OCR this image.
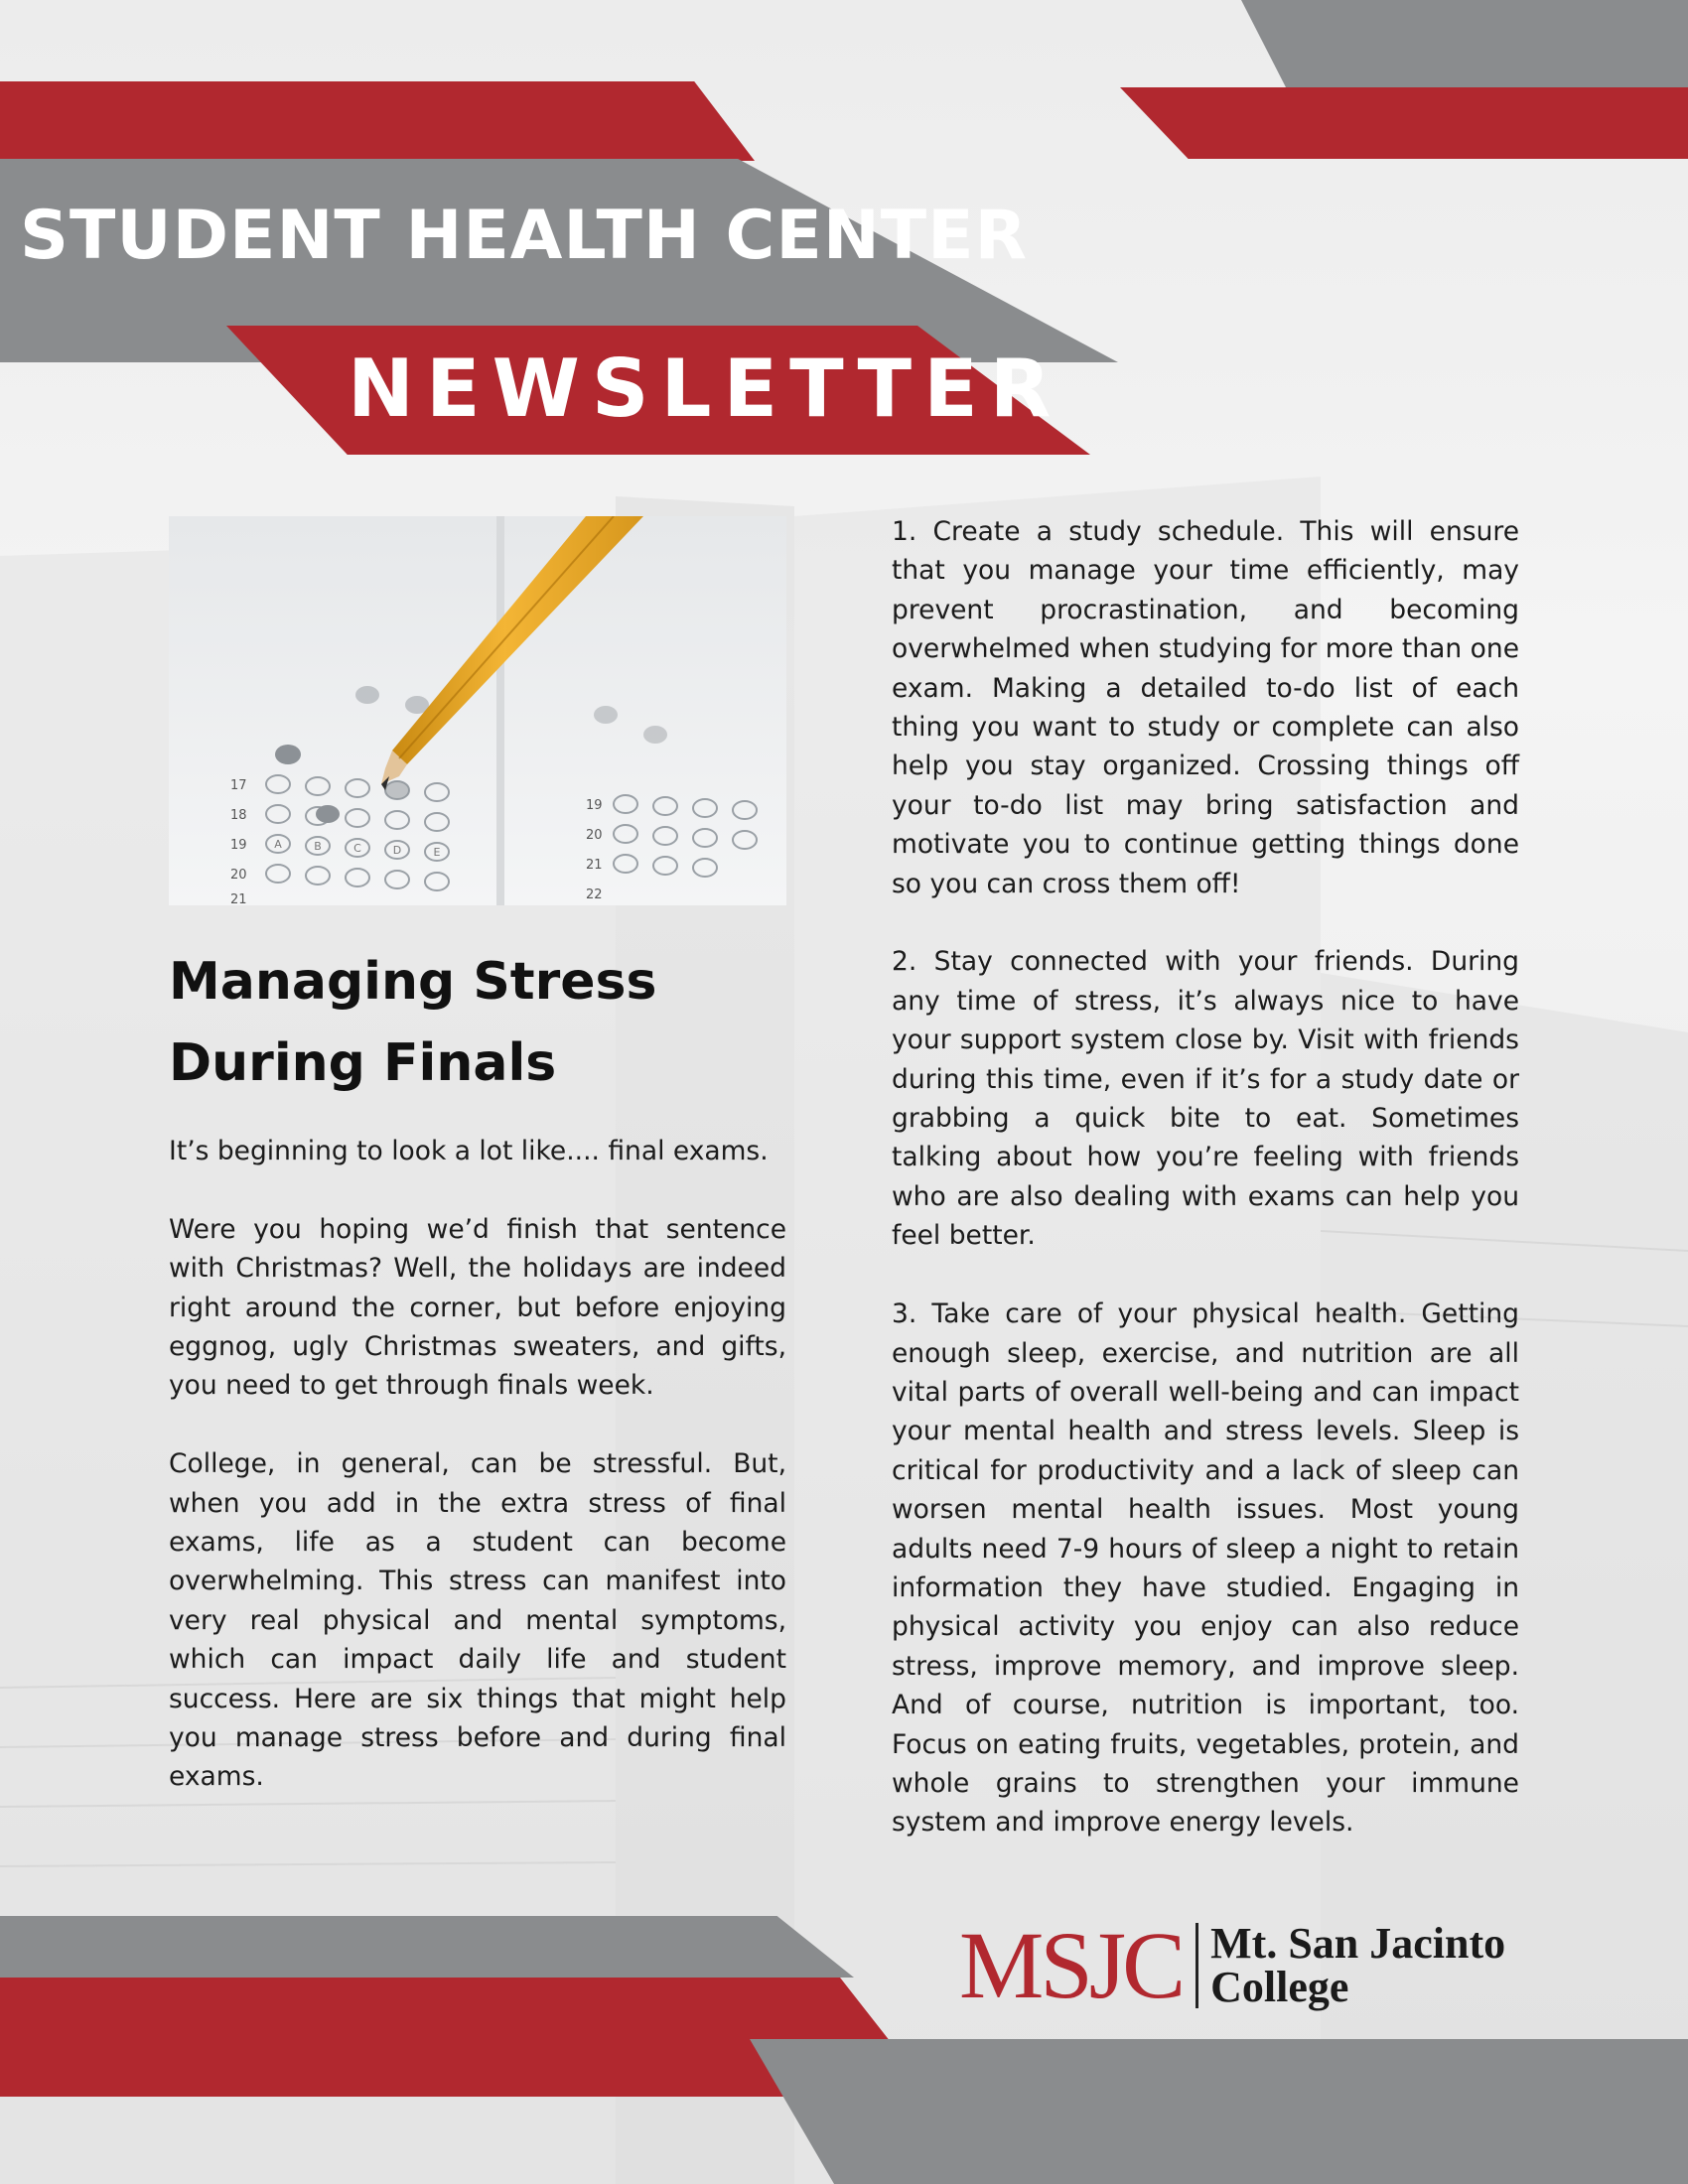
STUDENT HEALTH CENTER
NEWSLETTER
17
18
19
20
21
19
20
21
22
A	B	C	D	E
Managing Stress
During Finals

It’s beginning to look a lot like.... final exams.

Were you hoping we’d finish that sentence with Christmas? Well, the holidays are indeed right around the corner, but before enjoying eggnog, ugly Christmas sweaters, and gifts, you need to get through finals week.

College, in general, can be stressful. But, when you add in the extra stress of final exams, life as a student can become overwhelming. This stress can manifest into very real physical and mental symptoms, which can impact daily life and student success. Here are six things that might help you manage stress before and during final exams.

1. Create a study schedule. This will ensure that you manage your time efficiently, may prevent procrastination, and becoming overwhelmed when studying for more than one exam. Making a detailed to-do list of each thing you want to study or complete can also help you stay organized. Crossing things off your to-do list may bring satisfaction and motivate you to continue getting things done so you can cross them off!

2. Stay connected with your friends. During any time of stress, it’s always nice to have your support system close by. Visit with friends during this time, even if it’s for a study date or grabbing a quick bite to eat. Sometimes talking about how you’re feeling with friends who are also dealing with exams can help you feel better.

3. Take care of your physical health. Getting enough sleep, exercise, and nutrition are all vital parts of overall well-being and can impact your mental health and stress levels. Sleep is critical for productivity and a lack of sleep can worsen mental health issues. Most young adults need 7-9 hours of sleep a night to retain information they have studied. Engaging in physical activity you enjoy can also reduce stress, improve memory, and improve sleep. And of course, nutrition is important, too. Focus on eating fruits, vegetables, protein, and whole grains to strengthen your immune system and improve energy levels.

MSJC Mt. San Jacinto
College
